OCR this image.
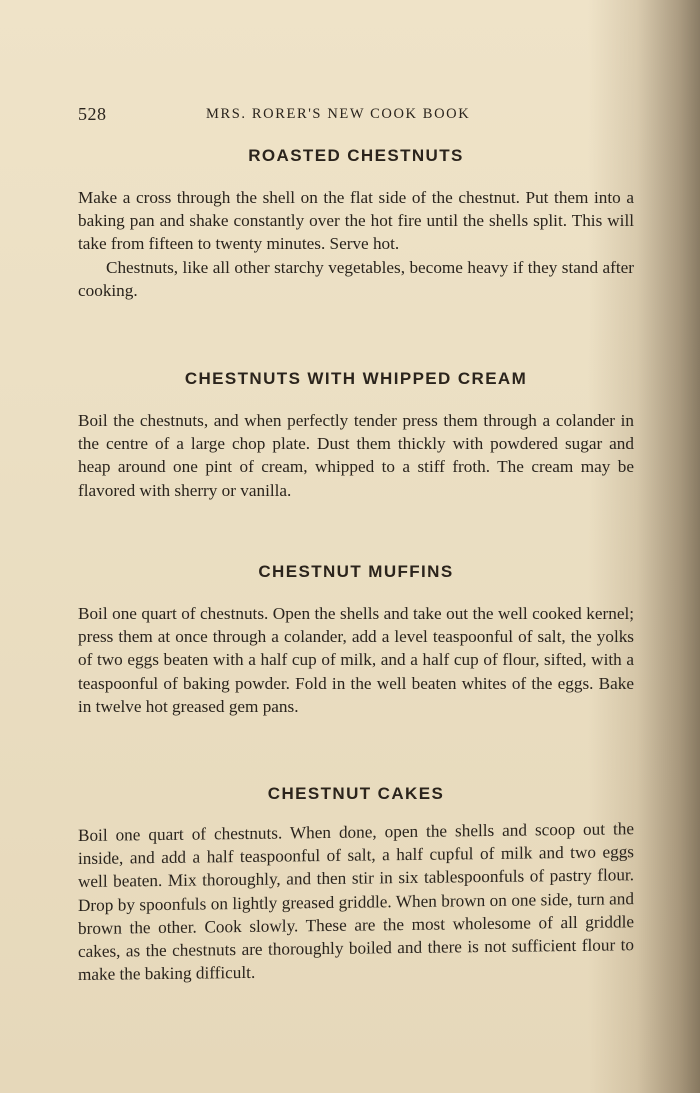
528	MRS. RORER'S NEW COOK BOOK
ROASTED CHESTNUTS

Make a cross through the shell on the flat side of the chestnut. Put them into a baking pan and shake constantly over the hot fire until the shells split. This will take from fifteen to twenty minutes. Serve hot.

Chestnuts, like all other starchy vegetables, become heavy if they stand after cooking.

CHESTNUTS WITH WHIPPED CREAM

Boil the chestnuts, and when perfectly tender press them through a colander in the centre of a large chop plate. Dust them thickly with powdered sugar and heap around one pint of cream, whipped to a stiff froth. The cream may be flavored with sherry or vanilla.

CHESTNUT MUFFINS

Boil one quart of chestnuts. Open the shells and take out the well cooked kernel; press them at once through a colander, add a level teaspoonful of salt, the yolks of two eggs beaten with a half cup of milk, and a half cup of flour, sifted, with a teaspoonful of baking powder. Fold in the well beaten whites of the eggs. Bake in twelve hot greased gem pans.

CHESTNUT CAKES

Boil one quart of chestnuts. When done, open the shells and scoop out the inside, and add a half teaspoonful of salt, a half cupful of milk and two eggs well beaten. Mix thoroughly, and then stir in six tablespoonfuls of pastry flour. Drop by spoonfuls on lightly greased griddle. When brown on one side, turn and brown the other. Cook slowly. These are the most wholesome of all griddle cakes, as the chestnuts are thoroughly boiled and there is not sufficient flour to make the baking difficult.
